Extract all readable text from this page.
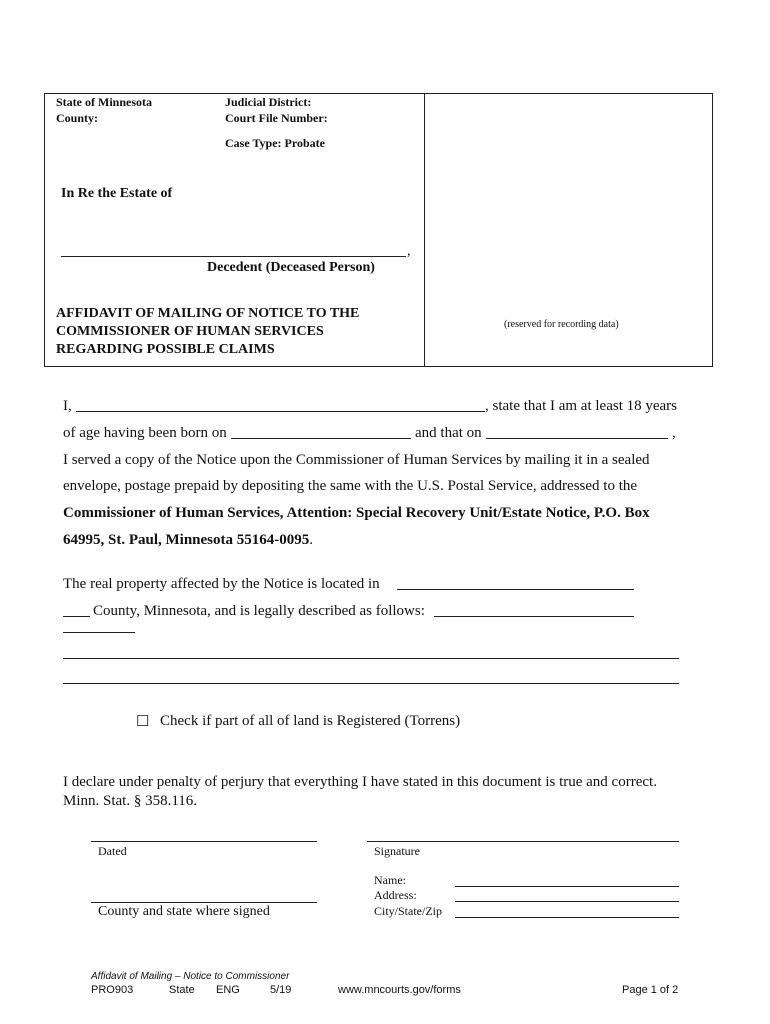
State of Minnesota
County:
Judicial District:
Court File Number:
Case Type: Probate
In Re the Estate of
,
Decedent (Deceased Person)
AFFIDAVIT OF MAILING OF NOTICE TO THE
COMMISSIONER OF HUMAN SERVICES
REGARDING POSSIBLE CLAIMS
(reserved for recording data)
I,	, state that I am at least 18 years
of age having been born on	and that on	,
I served a copy of the Notice upon the Commissioner of Human Services by mailing it in a sealed
envelope, postage prepaid by depositing the same with the U.S. Postal Service, addressed to the
Commissioner of Human Services, Attention: Special Recovery Unit/Estate Notice, P.O. Box
64995, St. Paul, Minnesota 55164-0095.
The real property affected by the Notice is located in
County, Minnesota, and is legally described as follows:
☐ Check if part of all of land is Registered (Torrens)
I declare under penalty of perjury that everything I have stated in this document is true and correct.
Minn. Stat. § 358.116.
Dated	Signature
Name:
Address:
City/State/Zip
County and state where signed
Affidavit of Mailing – Notice to Commissioner
PRO903	State ENG	5/19	www.mncourts.gov/forms	Page 1 of 2
